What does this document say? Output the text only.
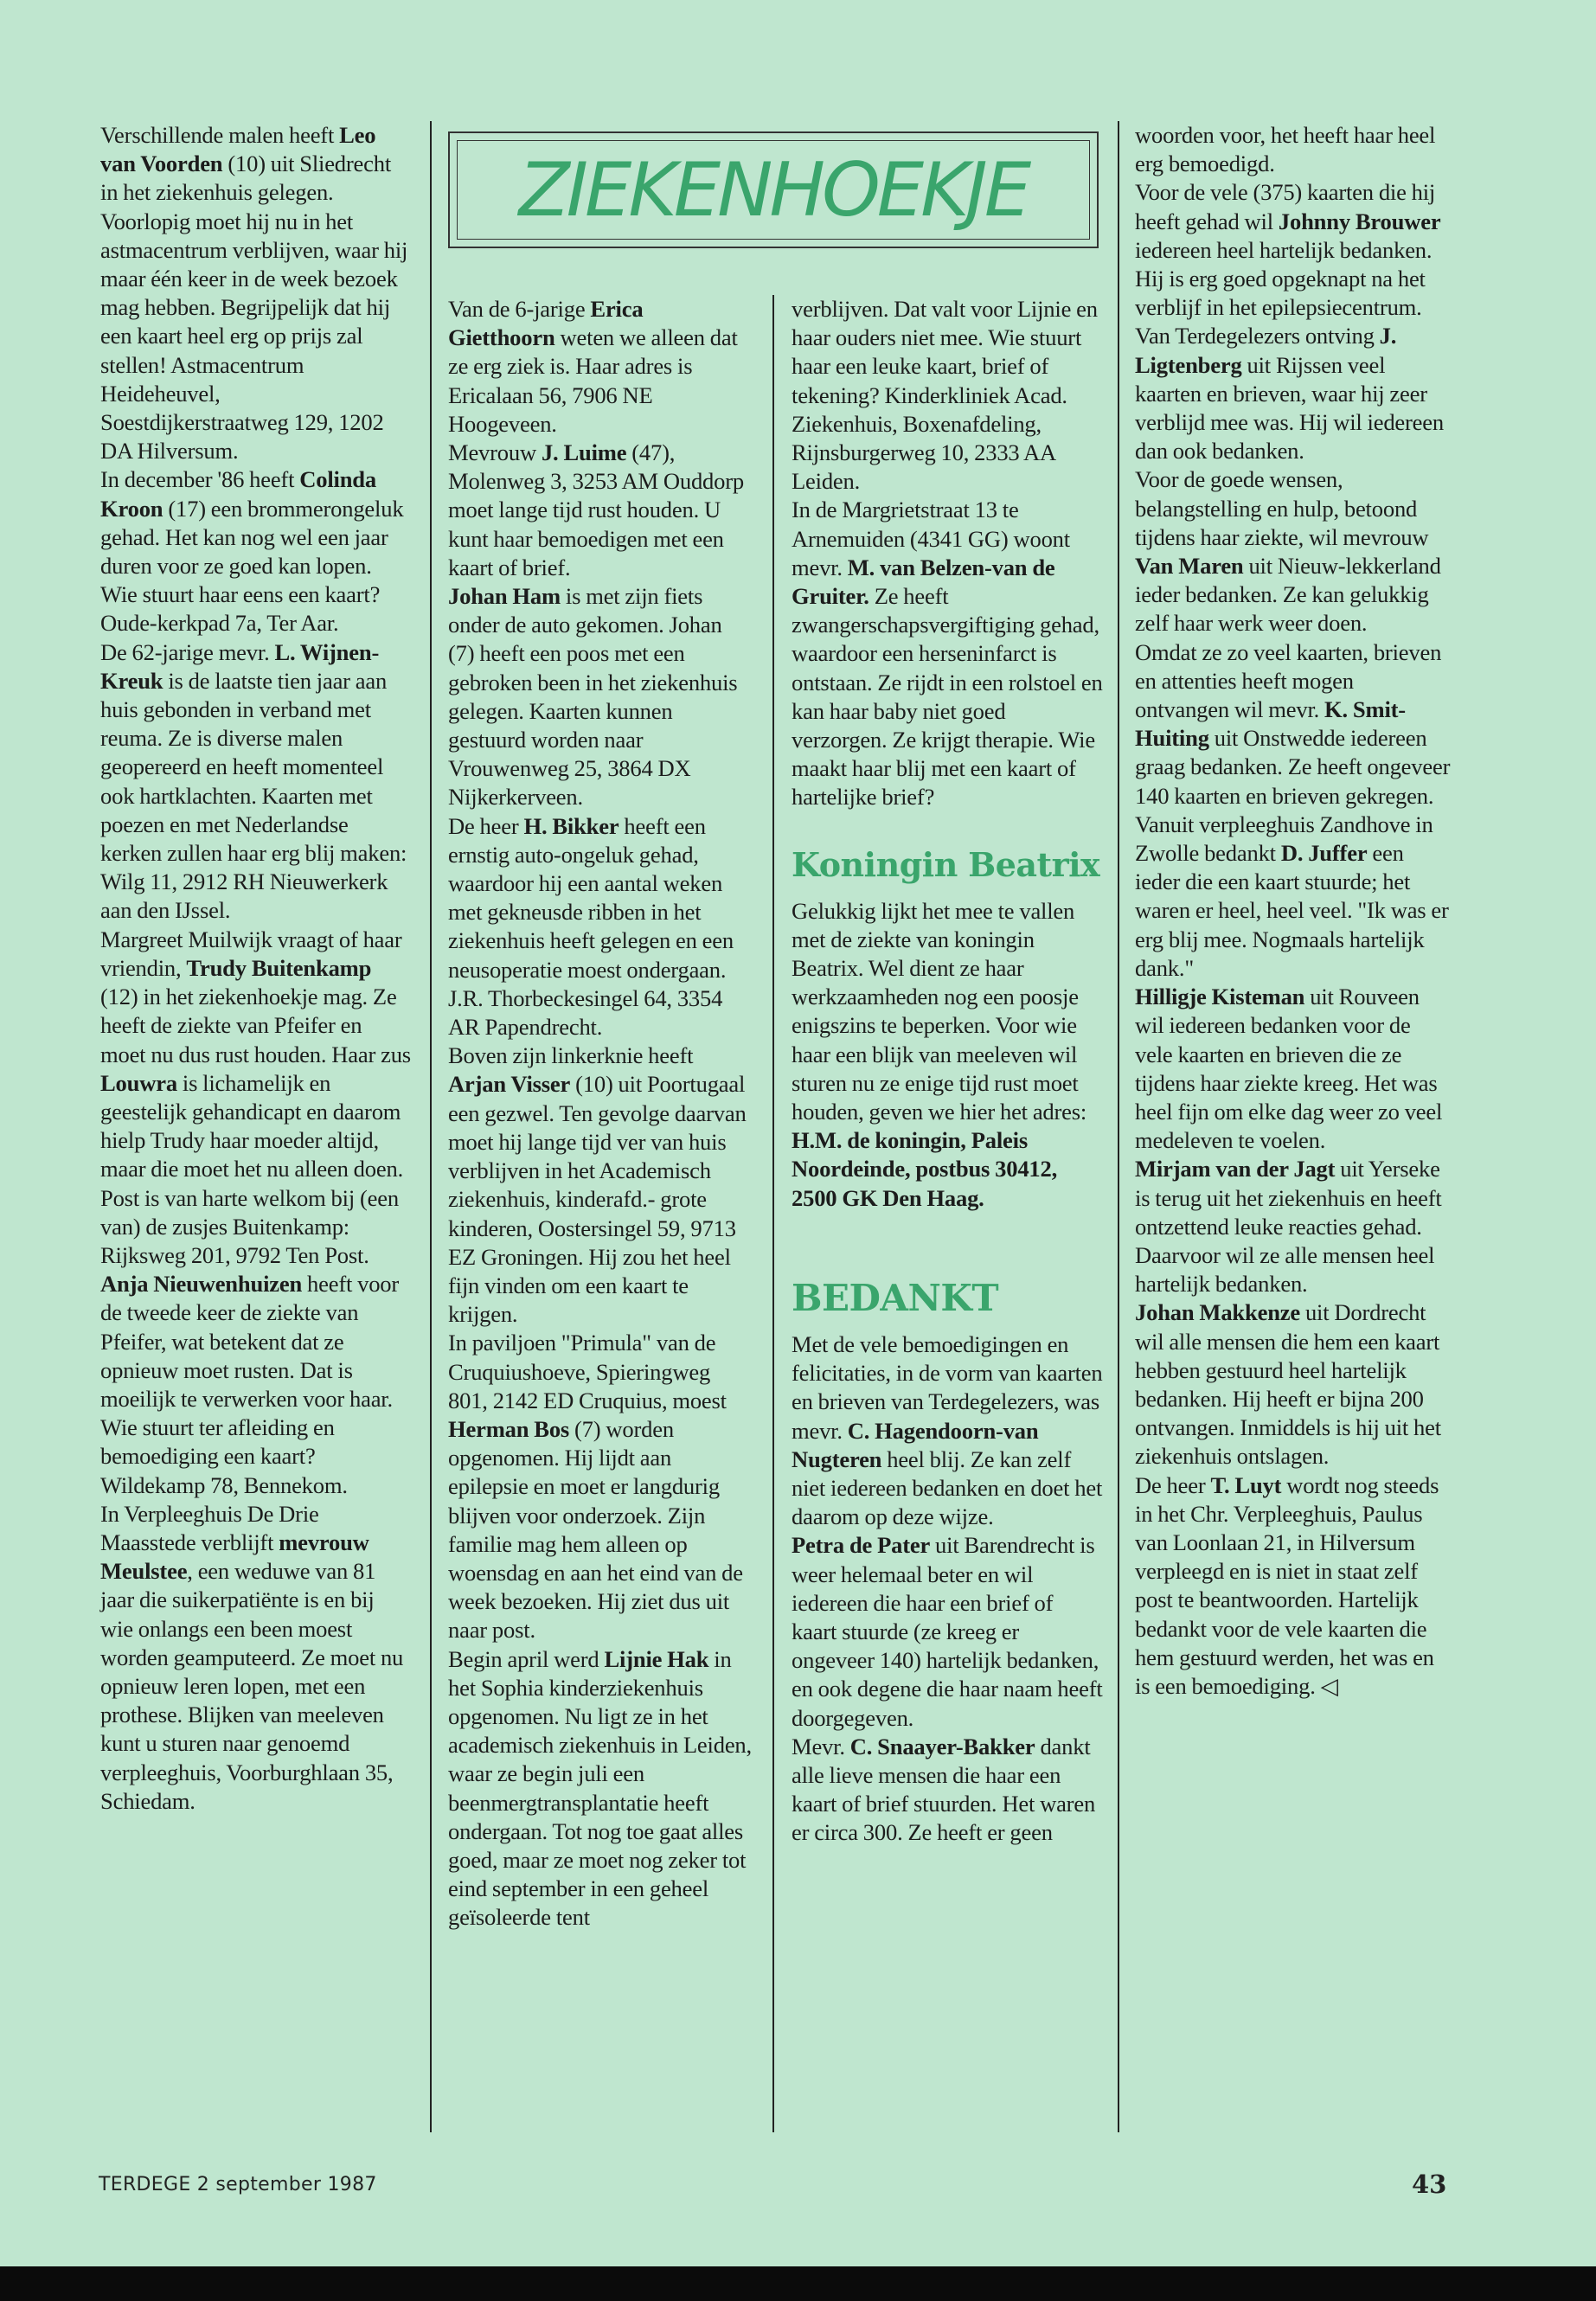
Verschillende malen heeft Leo van Voorden (10) uit Sliedrecht in het ziekenhuis gelegen. Voorlopig moet hij nu in het astmacentrum verblijven, waar hij maar één keer in de week bezoek mag hebben. Begrijpelijk dat hij een kaart heel erg op prijs zal stellen! Astmacentrum Heideheuvel, Soestdijkerstraatweg 129, 1202 DA Hilversum.

In december '86 heeft Colinda Kroon (17) een brommerongeluk gehad. Het kan nog wel een jaar duren voor ze goed kan lopen. Wie stuurt haar eens een kaart? Oude-kerkpad 7a, Ter Aar.

De 62-jarige mevr. L. Wijnen-Kreuk is de laatste tien jaar aan huis gebonden in verband met reuma. Ze is diverse malen geopereerd en heeft momenteel ook hartklachten. Kaarten met poezen en met Nederlandse kerken zullen haar erg blij maken: Wilg 11, 2912 RH Nieuwerkerk aan den IJssel.

Margreet Muilwijk vraagt of haar vriendin, Trudy Buitenkamp (12) in het ziekenhoekje mag. Ze heeft de ziekte van Pfeifer en moet nu dus rust houden. Haar zus Louwra is lichamelijk en geestelijk gehandicapt en daarom hielp Trudy haar moeder altijd, maar die moet het nu alleen doen. Post is van harte welkom bij (een van) de zusjes Buitenkamp: Rijksweg 201, 9792 Ten Post.

Anja Nieuwenhuizen heeft voor de tweede keer de ziekte van Pfeifer, wat betekent dat ze opnieuw moet rusten. Dat is moeilijk te verwerken voor haar. Wie stuurt ter afleiding en bemoediging een kaart? Wildekamp 78, Bennekom.

In Verpleeghuis De Drie Maasstede verblijft mevrouw Meulstee, een weduwe van 81 jaar die suikerpatiënte is en bij wie onlangs een been moest worden geamputeerd. Ze moet nu opnieuw leren lopen, met een prothese. Blijken van meeleven kunt u sturen naar genoemd verpleeghuis, Voorburghlaan 35, Schiedam.

ZIEKENHOEKJE

Van de 6-jarige Erica Gietthoorn weten we alleen dat ze erg ziek is. Haar adres is Ericalaan 56, 7906 NE Hoogeveen.

Mevrouw J. Luime (47), Molenweg 3, 3253 AM Ouddorp moet lange tijd rust houden. U kunt haar bemoedigen met een kaart of brief.

Johan Ham is met zijn fiets onder de auto gekomen. Johan (7) heeft een poos met een gebroken been in het ziekenhuis gelegen. Kaarten kunnen gestuurd worden naar Vrouwenweg 25, 3864 DX Nijkerkerveen.

De heer H. Bikker heeft een ernstig auto-ongeluk gehad, waardoor hij een aantal weken met gekneusde ribben in het ziekenhuis heeft gelegen en een neusoperatie moest ondergaan. J.R. Thorbeckesingel 64, 3354 AR Papendrecht.

Boven zijn linkerknie heeft Arjan Visser (10) uit Poortugaal een gezwel. Ten gevolge daarvan moet hij lange tijd ver van huis verblijven in het Academisch ziekenhuis, kinderafd.- grote kinderen, Oostersingel 59, 9713 EZ Groningen. Hij zou het heel fijn vinden om een kaart te krijgen.

In paviljoen "Primula" van de Cruquiushoeve, Spieringweg 801, 2142 ED Cruquius, moest Herman Bos (7) worden opgenomen. Hij lijdt aan epilepsie en moet er langdurig blijven voor onderzoek. Zijn familie mag hem alleen op woensdag en aan het eind van de week bezoeken. Hij ziet dus uit naar post.

Begin april werd Lijnie Hak in het Sophia kinderziekenhuis opgenomen. Nu ligt ze in het academisch ziekenhuis in Leiden, waar ze begin juli een beenmergtransplantatie heeft ondergaan. Tot nog toe gaat alles goed, maar ze moet nog zeker tot eind september in een geheel geïsoleerde tent

verblijven. Dat valt voor Lijnie en haar ouders niet mee. Wie stuurt haar een leuke kaart, brief of tekening? Kinderkliniek Acad. Ziekenhuis, Boxenafdeling, Rijnsburgerweg 10, 2333 AA Leiden.

In de Margrietstraat 13 te Arnemuiden (4341 GG) woont mevr. M. van Belzen-van de Gruiter. Ze heeft zwangerschapsvergiftiging gehad, waardoor een herseninfarct is ontstaan. Ze rijdt in een rolstoel en kan haar baby niet goed verzorgen. Ze krijgt therapie. Wie maakt haar blij met een kaart of hartelijke brief?

Koningin Beatrix

Gelukkig lijkt het mee te vallen met de ziekte van koningin Beatrix. Wel dient ze haar werkzaamheden nog een poosje enigszins te beperken. Voor wie haar een blijk van meeleven wil sturen nu ze enige tijd rust moet houden, geven we hier het adres: H.M. de koningin, Paleis Noordeinde, postbus 30412, 2500 GK Den Haag.

BEDANKT

Met de vele bemoedigingen en felicitaties, in de vorm van kaarten en brieven van Terdegelezers, was mevr. C. Hagendoorn-van Nugteren heel blij. Ze kan zelf niet iedereen bedanken en doet het daarom op deze wijze.

Petra de Pater uit Barendrecht is weer helemaal beter en wil iedereen die haar een brief of kaart stuurde (ze kreeg er ongeveer 140) hartelijk bedanken, en ook degene die haar naam heeft doorgegeven.

Mevr. C. Snaayer-Bakker dankt alle lieve mensen die haar een kaart of brief stuurden. Het waren er circa 300. Ze heeft er geen

woorden voor, het heeft haar heel erg bemoedigd.

Voor de vele (375) kaarten die hij heeft gehad wil Johnny Brouwer iedereen heel hartelijk bedanken. Hij is erg goed opgeknapt na het verblijf in het epilepsiecentrum.

Van Terdegelezers ontving J. Ligtenberg uit Rijssen veel kaarten en brieven, waar hij zeer verblijd mee was. Hij wil iedereen dan ook bedanken.

Voor de goede wensen, belangstelling en hulp, betoond tijdens haar ziekte, wil mevrouw Van Maren uit Nieuw-lekkerland ieder bedanken. Ze kan gelukkig zelf haar werk weer doen.

Omdat ze zo veel kaarten, brieven en attenties heeft mogen ontvangen wil mevr. K. Smit-Huiting uit Onstwedde iedereen graag bedanken. Ze heeft ongeveer 140 kaarten en brieven gekregen.

Vanuit verpleeghuis Zandhove in Zwolle bedankt D. Juffer een ieder die een kaart stuurde; het waren er heel, heel veel. "Ik was er erg blij mee. Nogmaals hartelijk dank."

Hilligje Kisteman uit Rouveen wil iedereen bedanken voor de vele kaarten en brieven die ze tijdens haar ziekte kreeg. Het was heel fijn om elke dag weer zo veel medeleven te voelen.

Mirjam van der Jagt uit Yerseke is terug uit het ziekenhuis en heeft ontzettend leuke reacties gehad. Daarvoor wil ze alle mensen heel hartelijk bedanken.

Johan Makkenze uit Dordrecht wil alle mensen die hem een kaart hebben gestuurd heel hartelijk bedanken. Hij heeft er bijna 200 ontvangen. Inmiddels is hij uit het ziekenhuis ontslagen.

De heer T. Luyt wordt nog steeds in het Chr. Verpleeghuis, Paulus van Loonlaan 21, in Hilversum verpleegd en is niet in staat zelf post te beantwoorden. Hartelijk bedankt voor de vele kaarten die hem gestuurd werden, het was en is een bemoediging. ◁

TERDEGE 2 september 1987	43
